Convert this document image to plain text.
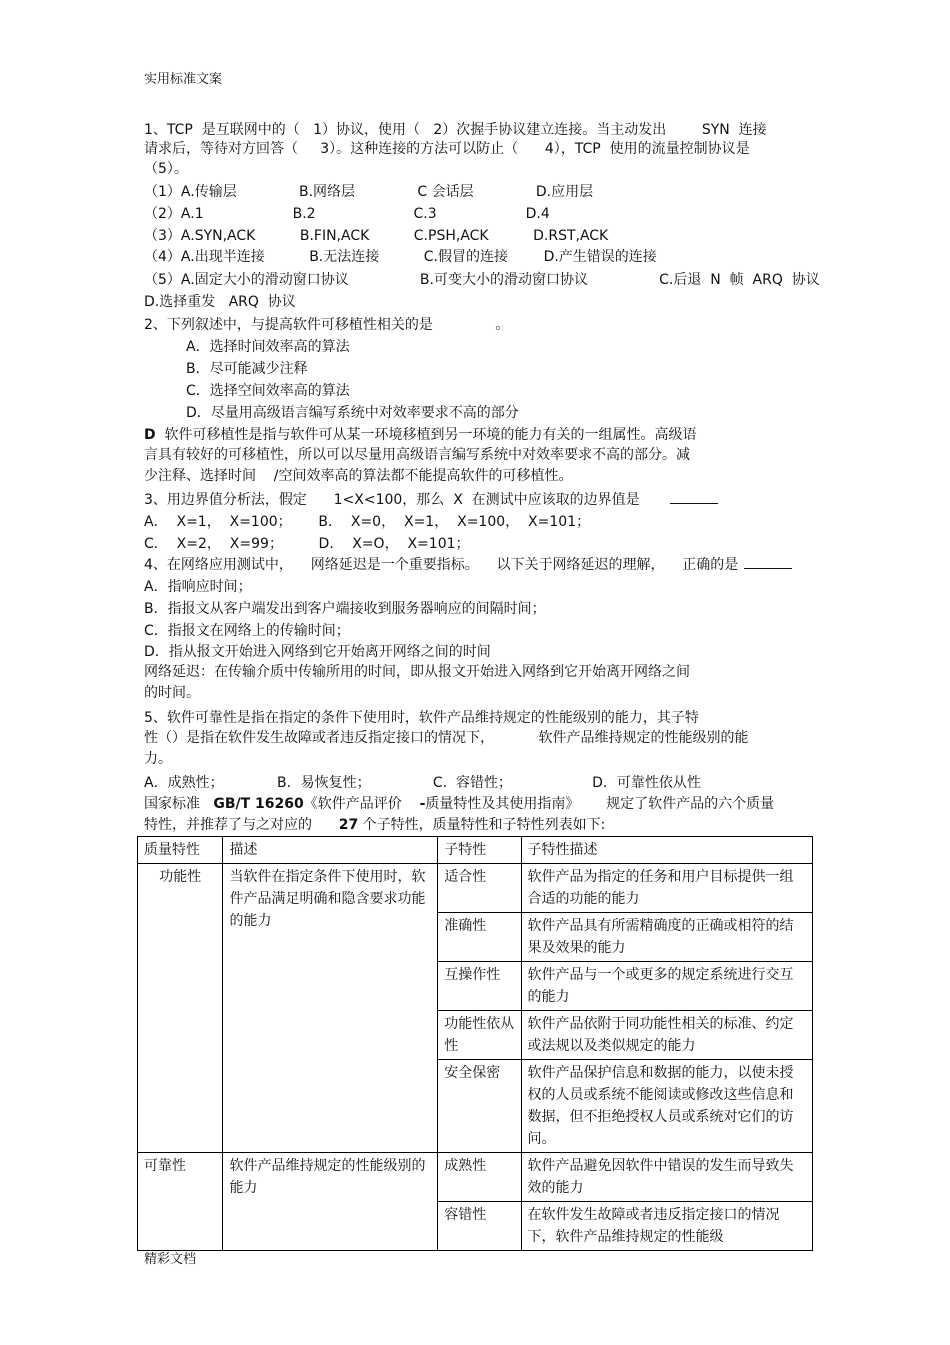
实用标准文案
1、TCP  是互联网中的（   1）协议，使用（   2）次握手协议建立连接。当主动发出        SYN  连接
请求后，等待对方回答（     3）。这种连接的方法可以防止（      4），TCP  使用的流量控制协议是
（5）。
（1）A.传输层              B.网络层              C 会话层              D.应用层
（2）A.1                    B.2                      C.3                    D.4
（3）A.SYN,ACK          B.FIN,ACK          C.PSH,ACK          D.RST,ACK
（4）A.出现半连接          B.无法连接          C.假冒的连接        D.产生错误的连接
（5）A.固定大小的滑动窗口协议                B.可变大小的滑动窗口协议                C.后退  N  帧  ARQ  协议
D.选择重发   ARQ  协议
2、下列叙述中，与提高软件可移植性相关的是              。
A．选择时间效率高的算法
B．尽可能减少注释
C．选择空间效率高的算法
D．尽量用高级语言编写系统中对效率要求不高的部分
D  软件可移植性是指与软件可从某一环境移植到另一环境的能力有关的一组属性。高级语
言具有较好的可移植性，所以可以尽量用高级语言编写系统中对效率要求不高的部分。减
少注释、选择时间    /空间效率高的算法都不能提高软件的可移植性。
3、用边界值分析法，假定      1<X<100，那么  X  在测试中应该取的边界值是
A．  X=1，  X=100；      B．  X=0，  X=1，  X=100，  X=101；
C．  X=2，  X=99；        D．  X=O，  X=101；
4、在网络应用测试中，    网络延迟是一个重要指标。    以下关于网络延迟的理解，    正确的是
A．指响应时间；
B．指报文从客户端发出到客户端接收到服务器响应的间隔时间；
C．指报文在网络上的传输时间；
D．指从报文开始进入网络到它开始离开网络之间的时间
网络延迟：在传输介质中传输所用的时间，即从报文开始进入网络到它开始离开网络之间
的时间。
5、软件可靠性是指在指定的条件下使用时，软件产品维持规定的性能级别的能力，其子特
性（）是指在软件发生故障或者违反指定接口的情况下，          软件产品维持规定的性能级别的能
力。
A．成熟性；            B．易恢复性；              C.  容错性；                  D．可靠性依从性
国家标准   GB/T 16260《软件产品评价    -质量特性及其使用指南》      规定了软件产品的六个质量
特性，并推荐了与之对应的      27 个子特性，质量特性和子特性列表如下:
质量特性	描述	子特性	子特性描述
功能性	当软件在指定条件下使用时，软件产品满足明确和隐含要求功能的能力	适合性	软件产品为指定的任务和用户目标提供一组合适的功能的能力
		准确性	软件产品具有所需精确度的正确或相符的结果及效果的能力
		互操作性	软件产品与一个或更多的规定系统进行交互的能力
		功能性依从性	软件产品依附于同功能性相关的标准、约定或法规以及类似规定的能力
		安全保密	软件产品保护信息和数据的能力，以使未授权的人员或系统不能阅读或修改这些信息和数据，但不拒绝授权人员或系统对它们的访问。
可靠性	软件产品维持规定的性能级别的能力	成熟性	软件产品避免因软件中错误的发生而导致失效的能力
		容错性	在软件发生故障或者违反指定接口的情况下，软件产品维持规定的性能级
精彩文档
